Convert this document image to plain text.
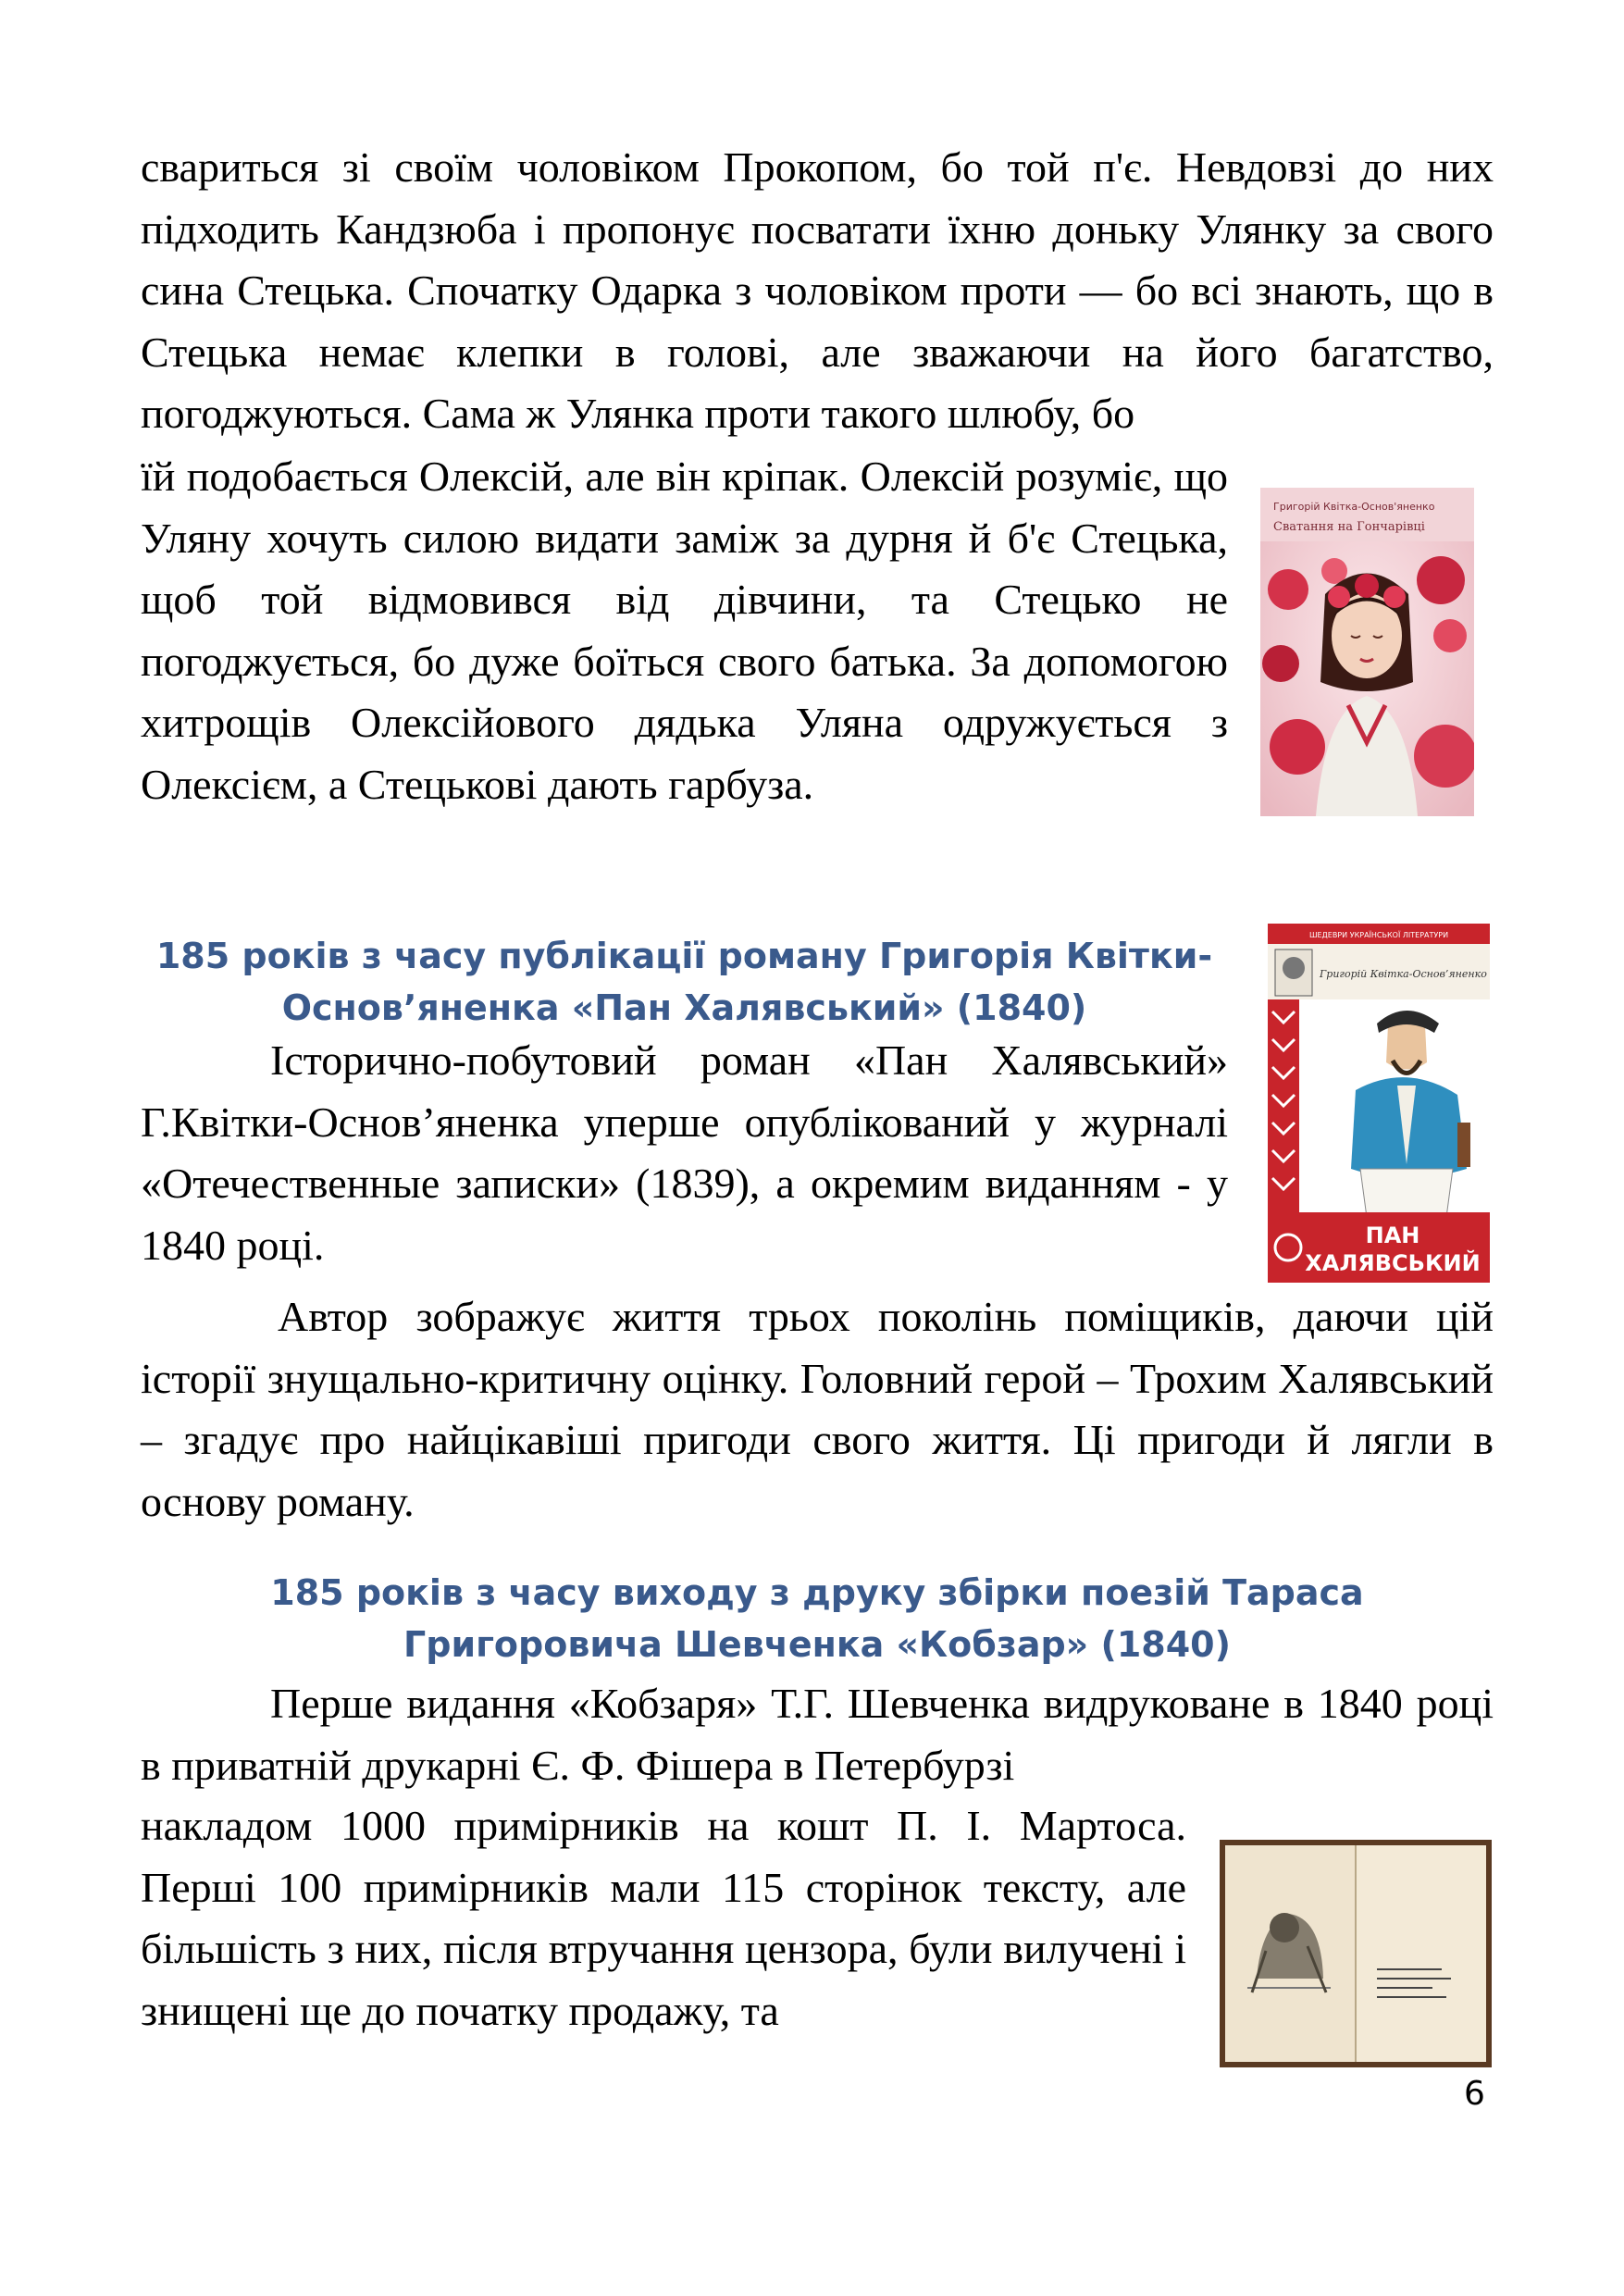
свариться зі своїм чоловіком Прокопом, бо той п'є. Невдовзі до них підходить Кандзюба і пропонує посватати їхню доньку Улянку за свого сина Стецька. Спочатку Одарка з чоловіком проти — бо всі знають, що в Стецька немає клепки в голові, але зважаючи на його багатство, погоджуються. Сама ж Улянка проти такого шлюбу, бо

їй подобається Олексій, але він кріпак. Олексій розуміє, що Уляну хочуть силою видати заміж за дурня й б'є Стецька, щоб той відмовився від дівчини, та Стецько не погоджується, бо дуже боїться свого батька. За допомогою хитрощів Олексійового дядька Уляна одружується з Олексієм, а Стецькові дають гарбуза.

Григорій Квітка-Основ'яненко
Сватання на Гончарівці
185 років з часу публікації роману Григорія Квітки-Основ’яненка «Пан Халявський» (1840)

Історично-побутовий роман «Пан Халявський» Г.Квітки-Основ’яненка уперше опублікований у журналі «Отечественные записки» (1839), а окремим виданням - у 1840 році.

ШЕДЕВРИ УКРАЇНСЬКОЇ ЛІТЕРАТУРИ
Григорій Квітка-Основ’яненко
ПАН
ХАЛЯВСЬКИЙ

Автор зображує життя трьох поколінь поміщиків, даючи цій історії знущально-критичну оцінку. Головний герой – Трохим Халявський – згадує про найцікавіші пригоди свого життя. Ці пригоди й лягли в основу роману.

185 років з часу виходу з друку збірки поезій Тараса Григоровича Шевченка «Кобзар» (1840)

Перше видання «Кобзаря» Т.Г. Шевченка видруковане в 1840 році в приватній друкарні Є. Ф. Фішера в Петербурзі

накладом 1000 примірників на кошт П. І. Мартоса. Перші 100 примірників мали 115 сторінок тексту, але більшість з них, після втручання цензора, були вилучені і знищені ще до початку продажу, та

6
